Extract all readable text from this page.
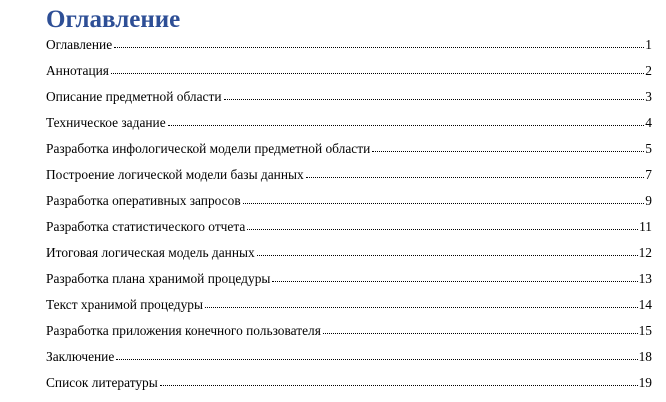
Оглавление
Оглавление	1
Аннотация	2
Описание предметной области	3
Техническое задание	4
Разработка инфологической модели предметной области	5
Построение логической модели базы данных	7
Разработка оперативных запросов	9
Разработка статистического отчета	11
Итоговая логическая модель данных	12
Разработка плана хранимой процедуры	13
Текст хранимой процедуры	14
Разработка приложения конечного пользователя	15
Заключение	18
Список литературы	19
